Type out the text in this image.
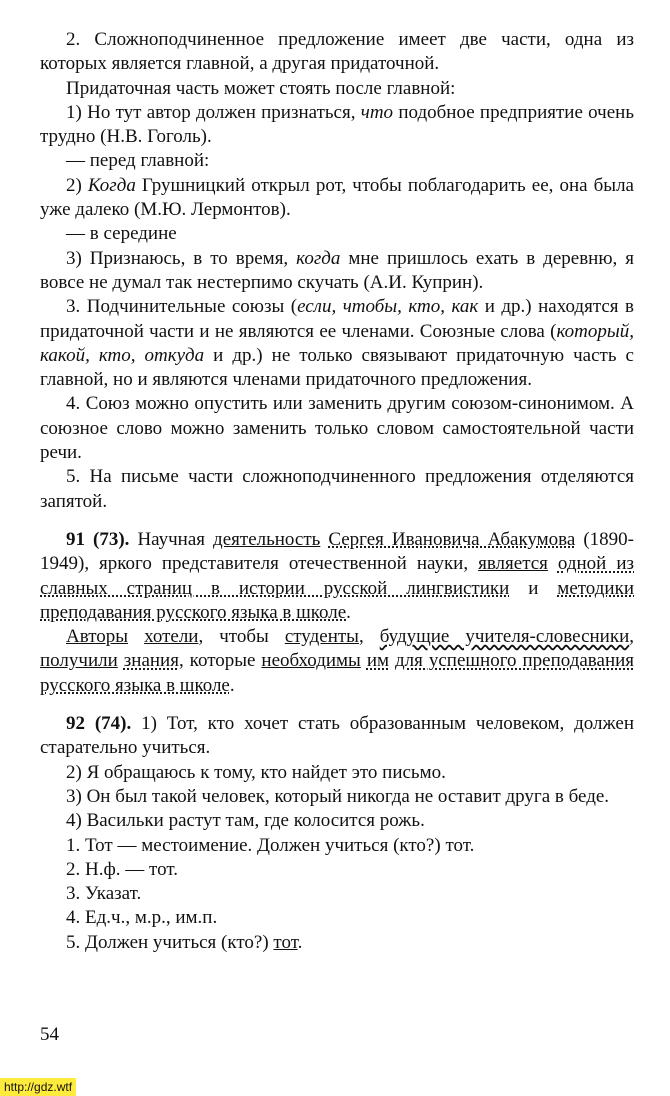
2. Сложноподчиненное предложение имеет две части, одна из которых является главной, а другая придаточной.

Придаточная часть может стоять после главной:

1) Но тут автор должен признаться, что подобное предприятие очень трудно (Н.В. Гоголь).

— перед главной:

2) Когда Грушницкий открыл рот, чтобы поблагодарить ее, она была уже далеко (М.Ю. Лермонтов).

— в середине

3) Признаюсь, в то время, когда мне пришлось ехать в деревню, я вовсе не думал так нестерпимо скучать (А.И. Куприн).

3. Подчинительные союзы (если, чтобы, кто, как и др.) находятся в придаточной части и не являются ее членами. Союзные слова (который, какой, кто, откуда и др.) не только связывают придаточную часть с главной, но и являются членами придаточного предложения.

4. Союз можно опустить или заменить другим союзом-синонимом. А союзное слово можно заменить только словом самостоятельной части речи.

5. На письме части сложноподчиненного предложения отделяются запятой.

91 (73). Научная деятельность Сергея Ивановича Абакумова (1890-1949), яркого представителя отечественной науки, является одной из славных страниц в истории русской лингвистики и методики преподавания русского языка в школе.

Авторы хотели, чтобы студенты, будущие учителя-словесники, получили знания, которые необходимы им для успешного преподавания русского языка в школе.

92 (74). 1) Тот, кто хочет стать образованным человеком, должен старательно учиться.

2) Я обращаюсь к тому, кто найдет это письмо.

3) Он был такой человек, который никогда не оставит друга в беде.

4) Васильки растут там, где колосится рожь.

1. Тот — местоимение. Должен учиться (кто?) тот.

2. Н.ф. — тот.

3. Указат.

4. Ед.ч., м.р., им.п.

5. Должен учиться (кто?) тот.

54
http://gdz.wtf
